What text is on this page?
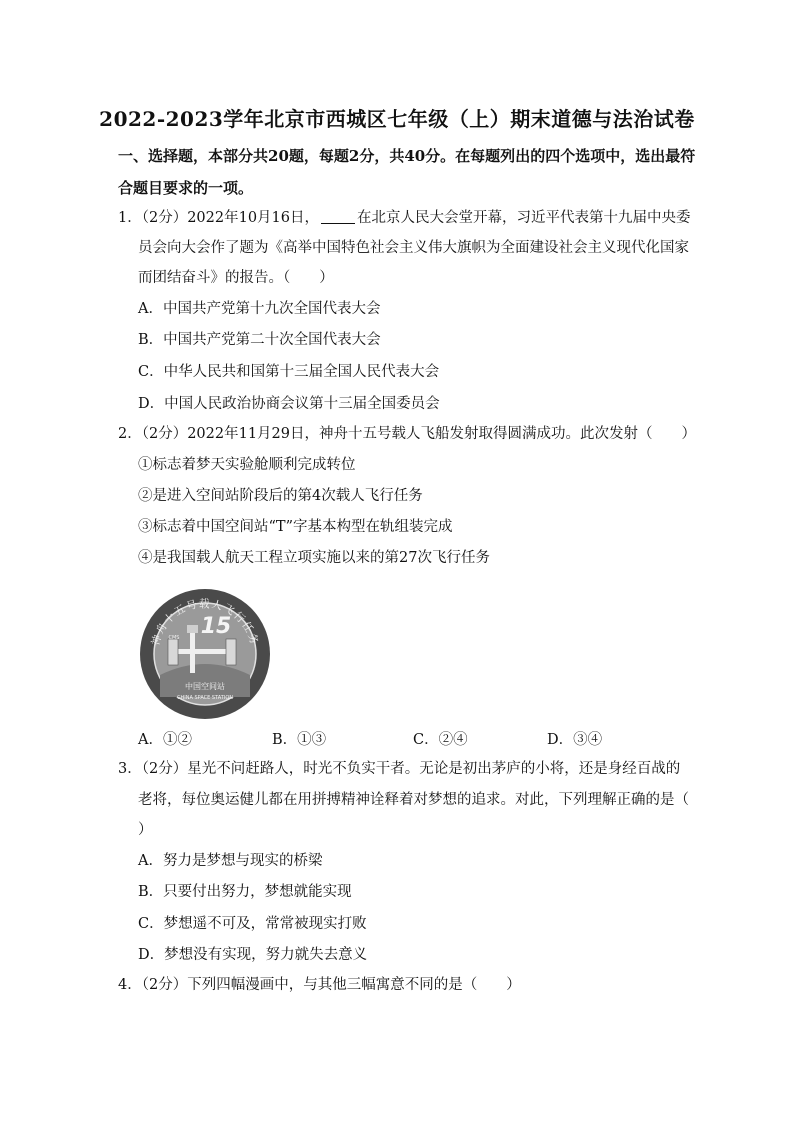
2022-2023学年北京市西城区七年级（上）期末道德与法治试卷
一、选择题，本部分共20题，每题2分，共40分。在每题列出的四个选项中，选出最符
合题目要求的一项。
1．（2分）2022年10月16日，	在北京人民大会堂开幕，习近平代表第十九届中央委
员会向大会作了题为《高举中国特色社会主义伟大旗帜为全面建设社会主义现代化国家
而团结奋斗》的报告。（　　）
A．中国共产党第十九次全国代表大会
B．中国共产党第二十次全国代表大会
C．中华人民共和国第十三届全国人民代表大会
D．中国人民政治协商会议第十三届全国委员会
2．（2分）2022年11月29日，神舟十五号载人飞船发射取得圆满成功。此次发射（　　）
①标志着梦天实验舱顺利完成转位
②是进入空间站阶段后的第4次载人飞行任务
③标志着中国空间站“T”字基本构型在轨组装完成
④是我国载人航天工程立项实施以来的第27次飞行任务
神舟十五号载人飞行任务
15
CMS
中国空间站
CHINA SPACE STATION
A．①②	B．①③	C．②④	D．③④
3．（2分）星光不问赶路人，时光不负实干者。无论是初出茅庐的小将，还是身经百战的
老将，每位奥运健儿都在用拼搏精神诠释着对梦想的追求。对此，下列理解正确的是（
）
A．努力是梦想与现实的桥梁
B．只要付出努力，梦想就能实现
C．梦想遥不可及，常常被现实打败
D．梦想没有实现，努力就失去意义
4．（2分）下列四幅漫画中，与其他三幅寓意不同的是（　　）
